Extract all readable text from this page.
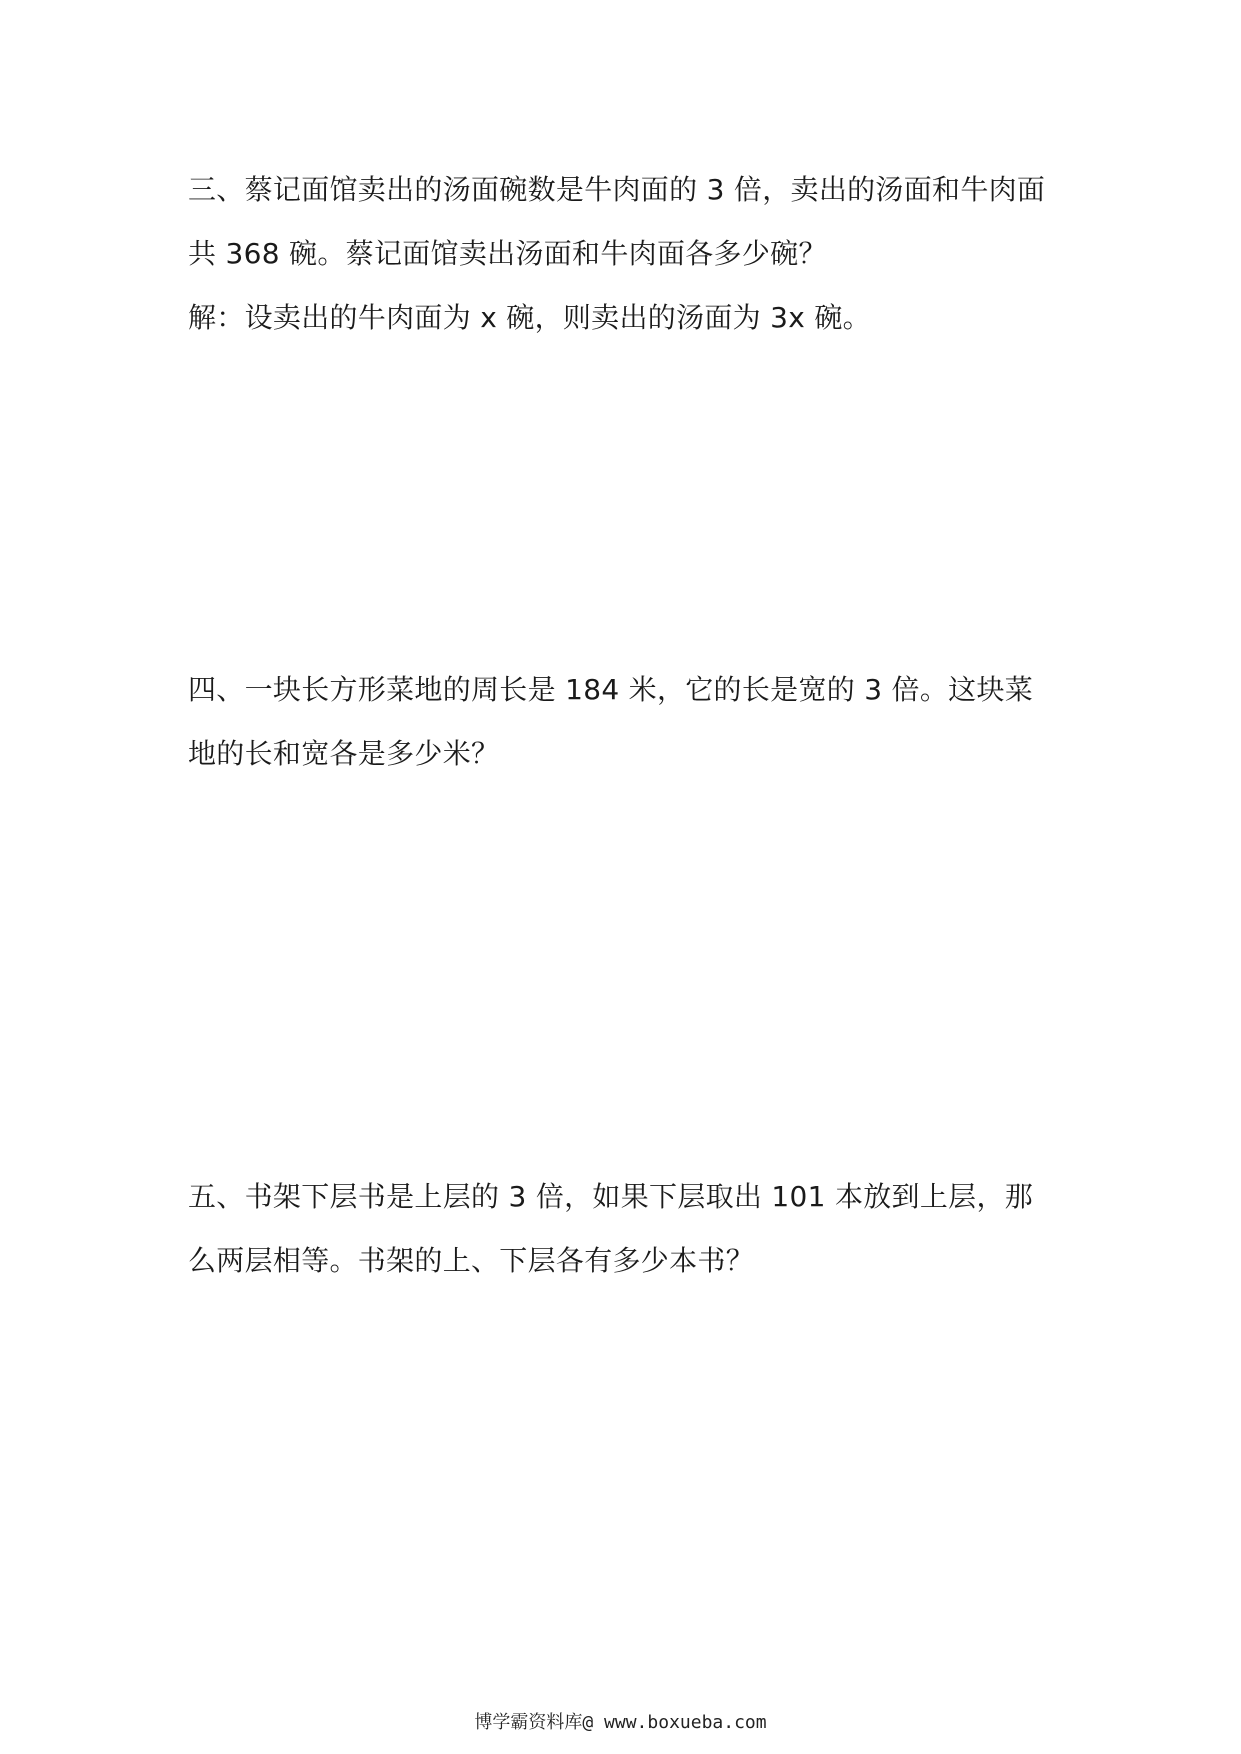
三、蔡记面馆卖出的汤面碗数是牛肉面的 3 倍，卖出的汤面和牛肉面
共 368 碗。蔡记面馆卖出汤面和牛肉面各多少碗？
解：设卖出的牛肉面为 x 碗，则卖出的汤面为 3x 碗。
四、一块长方形菜地的周长是 184 米，它的长是宽的 3 倍。这块菜
地的长和宽各是多少米？
五、书架下层书是上层的 3 倍，如果下层取出 101 本放到上层，那
么两层相等。书架的上、下层各有多少本书？
博学霸资料库@ www.boxueba.com
